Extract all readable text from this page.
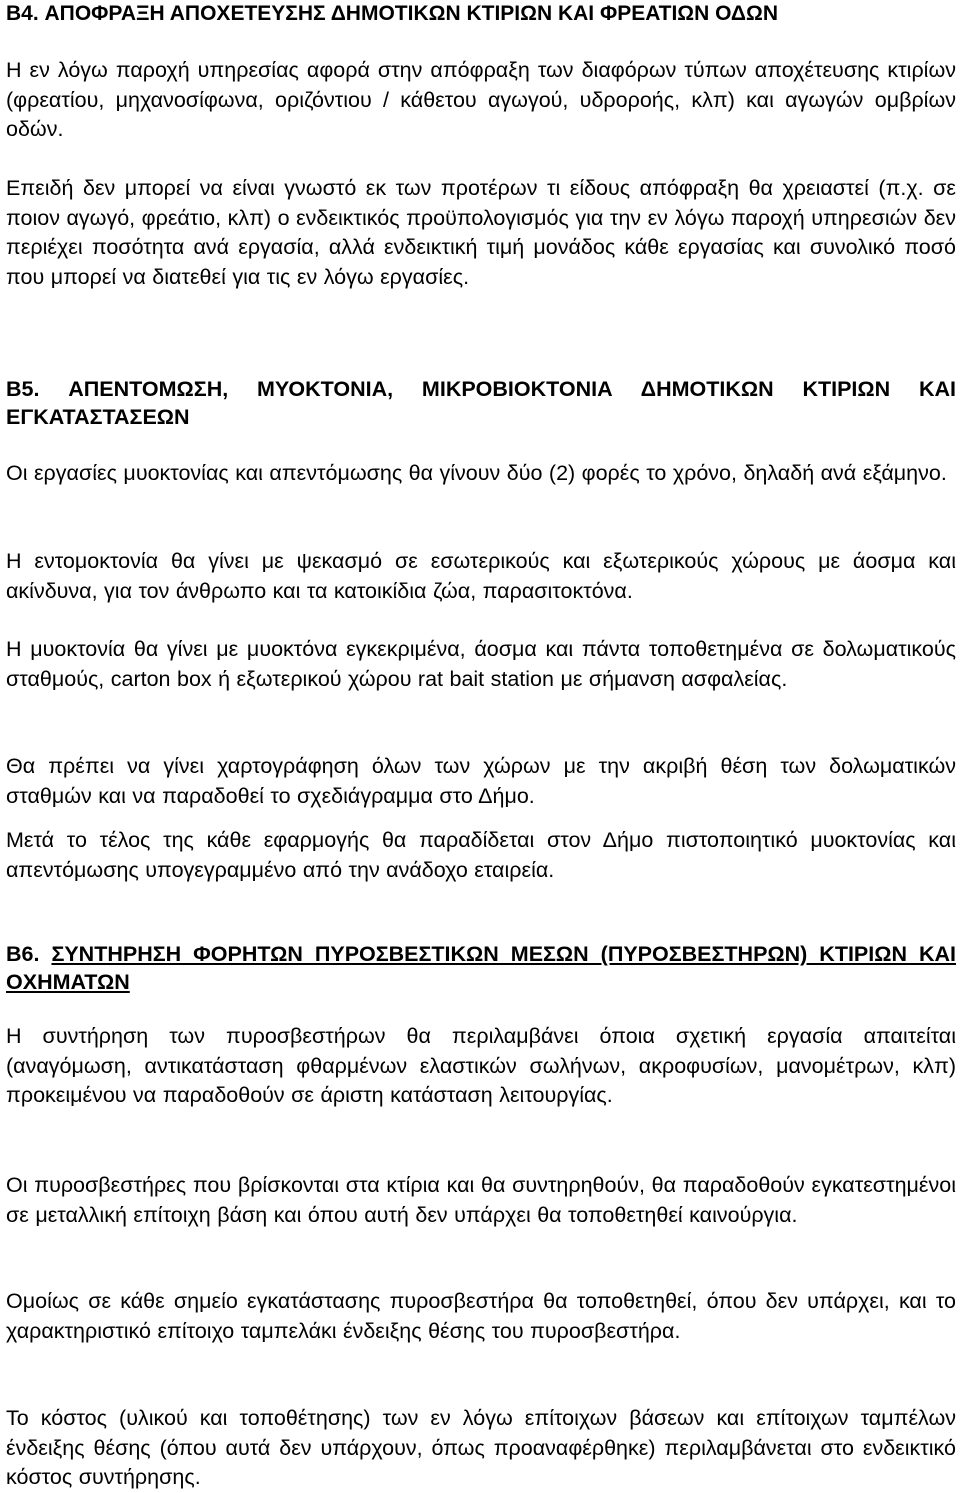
B4. ΑΠΟΦΡΑΞΗ ΑΠΟΧΕΤΕΥΣΗΣ ΔΗΜΟΤΙΚΩΝ ΚΤΙΡΙΩΝ ΚΑΙ ΦΡΕΑΤΙΩΝ ΟΔΩΝ

Η εν λόγω παροχή υπηρεσίας αφορά στην απόφραξη των διαφόρων τύπων αποχέτευσης κτιρίων (φρεατίου, μηχανοσίφωνα, οριζόντιου / κάθετου αγωγού, υδρορoής, κλπ) και αγωγών ομβρίων οδών.

Επειδή δεν μπορεί να είναι γνωστό εκ των προτέρων τι είδους απόφραξη θα χρειαστεί (π.χ. σε ποιον αγωγό, φρεάτιο, κλπ) ο ενδεικτικός προϋπολογισμός για την εν λόγω παροχή υπηρεσιών δεν περιέχει ποσότητα ανά εργασία, αλλά ενδεικτική τιμή μονάδος κάθε εργασίας και συνολικό ποσό που μπορεί να διατεθεί για τις εν λόγω εργασίες.

B5. ΑΠΕΝΤΟΜΩΣΗ, ΜΥΟΚΤΟΝΙΑ, ΜΙΚΡΟΒΙΟΚΤΟΝΙΑ ΔΗΜΟΤΙΚΩΝ ΚΤΙΡΙΩΝ ΚΑΙ ΕΓΚΑΤΑΣΤΑΣΕΩΝ

Οι εργασίες μυοκτονίας και απεντόμωσης θα γίνουν δύο (2) φορές το χρόνο, δηλαδή ανά εξάμηνο.

Η εντομοκτονία θα γίνει με ψεκασμό σε εσωτερικούς και εξωτερικούς χώρους με άοσμα και ακίνδυνα, για τον άνθρωπο και τα κατοικίδια ζώα, παρασιτοκτόνα.

Η μυοκτονία θα γίνει με μυοκτόνα εγκεκριμένα, άοσμα και πάντα τοποθετημένα σε δολωματικούς σταθμούς, carton box ή εξωτερικού χώρου rat bait station με σήμανση ασφαλείας.

Θα πρέπει να γίνει χαρτογράφηση όλων των χώρων με την ακριβή θέση των δολωματικών σταθμών και να παραδοθεί το σχεδιάγραμμα στο Δήμο.

Μετά το τέλος της κάθε εφαρμογής θα παραδίδεται στον Δήμο πιστοποιητικό μυοκτονίας και απεντόμωσης υπογεγραμμένο από την ανάδοχο εταιρεία.

B6. ΣΥΝΤΗΡΗΣΗ ΦΟΡΗΤΩΝ ΠΥΡΟΣΒΕΣΤΙΚΩΝ ΜΕΣΩΝ (ΠΥΡΟΣΒΕΣΤΗΡΩΝ) ΚΤΙΡΙΩΝ ΚΑΙ ΟΧΗΜΑΤΩΝ

Η συντήρηση των πυροσβεστήρων θα περιλαμβάνει όποια σχετική εργασία απαιτείται (αναγόμωση, αντικατάσταση φθαρμένων ελαστικών σωλήνων, ακροφυσίων, μανομέτρων, κλπ) προκειμένου να παραδοθούν σε άριστη κατάσταση λειτουργίας.

Οι πυροσβεστήρες που βρίσκονται στα κτίρια και θα συντηρηθούν, θα παραδοθούν εγκατεστημένοι σε μεταλλική επίτοιχη βάση και όπου αυτή δεν υπάρχει θα τοποθετηθεί καινούργια.

Ομοίως σε κάθε σημείο εγκατάστασης πυροσβεστήρα θα τοποθετηθεί, όπου δεν υπάρχει, και το χαρακτηριστικό επίτοιχο ταμπελάκι ένδειξης θέσης του πυροσβεστήρα.

Το κόστος (υλικού και τοποθέτησης) των εν λόγω επίτοιχων βάσεων και επίτοιχων ταμπέλων ένδειξης θέσης (όπου αυτά δεν υπάρχουν, όπως προαναφέρθηκε) περιλαμβάνεται στο ενδεικτικό κόστος συντήρησης.
